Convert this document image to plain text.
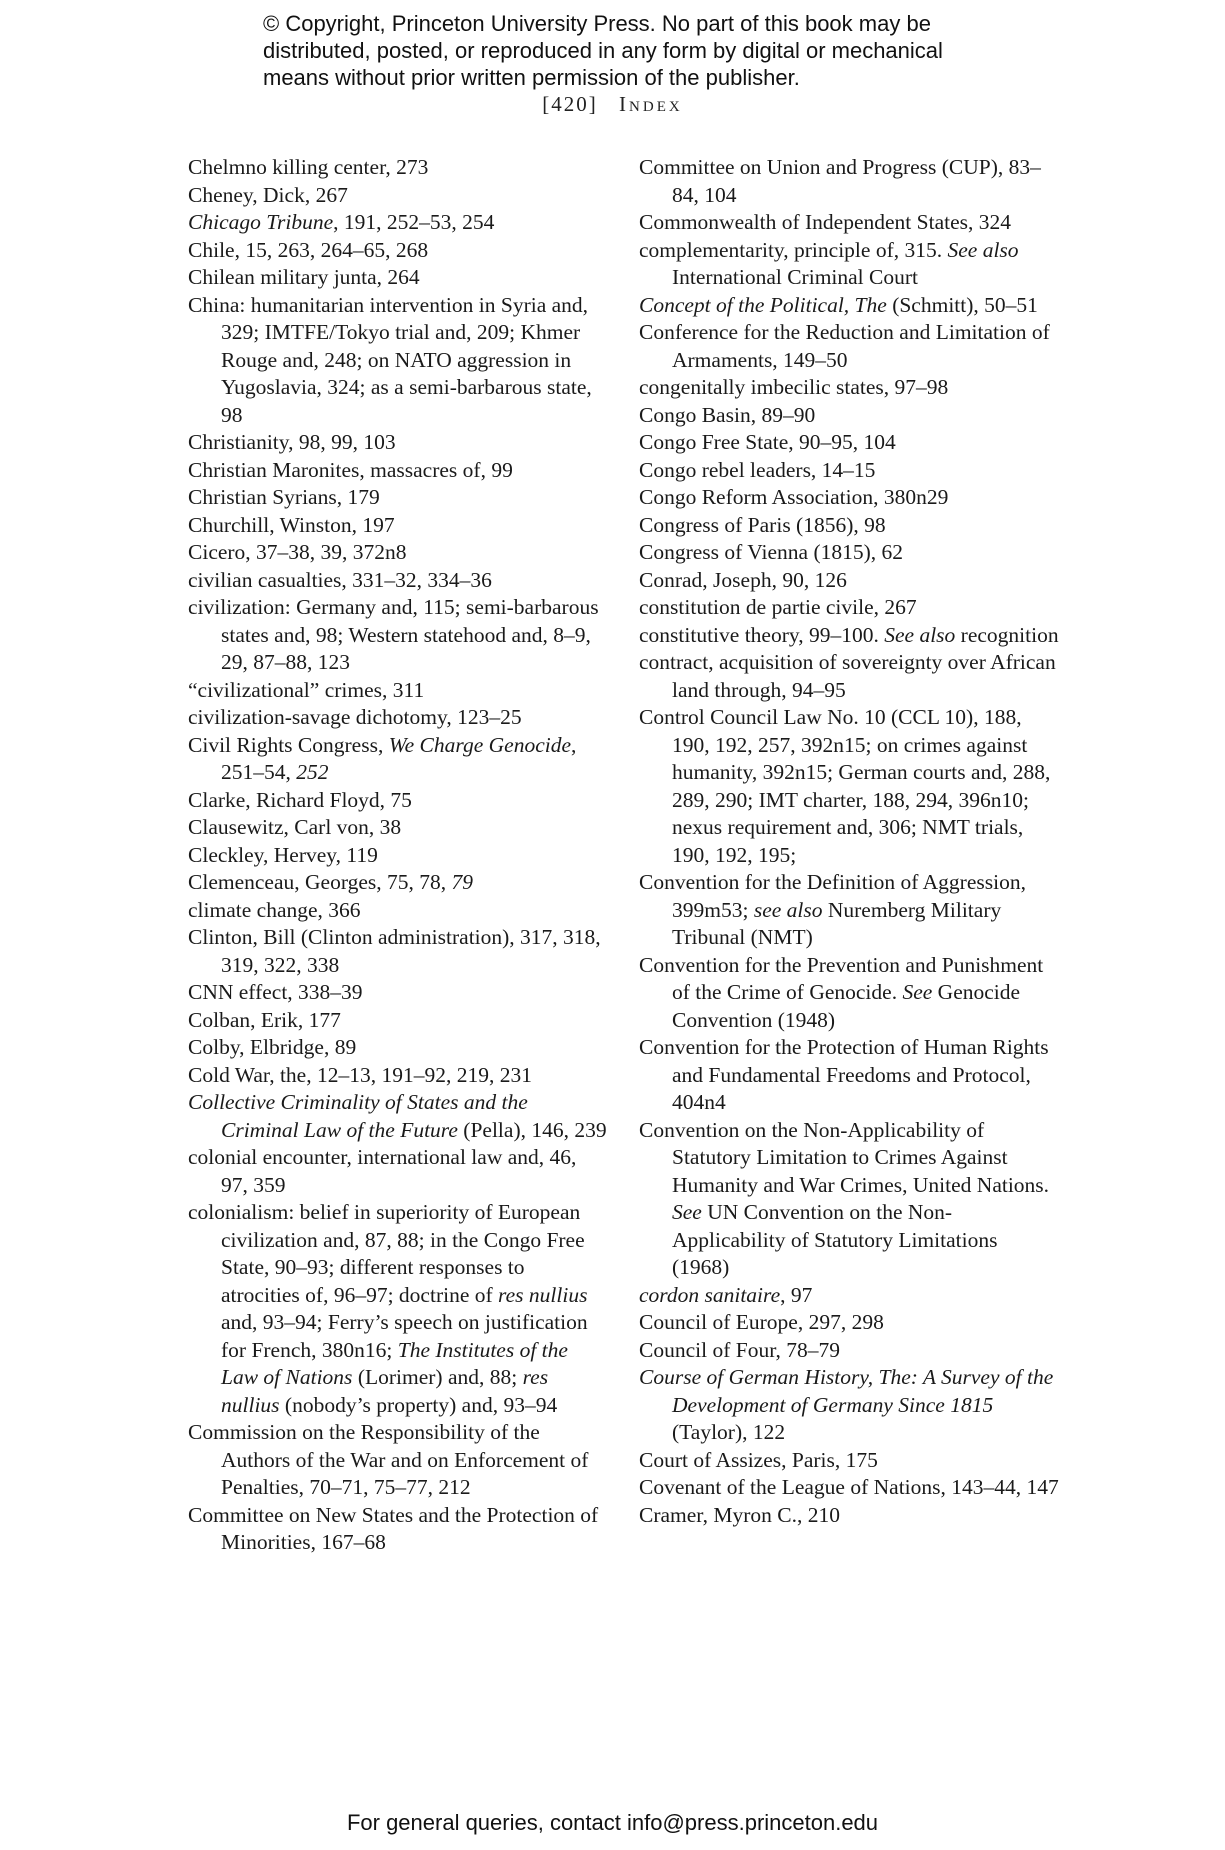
© Copyright, Princeton University Press. No part of this book may be
distributed, posted, or reproduced in any form by digital or mechanical
means without prior written permission of the publisher.
[420] Index

Chelmno killing center, 273

Cheney, Dick, 267

Chicago Tribune, 191, 252–53, 254

Chile, 15, 263, 264–65, 268

Chilean military junta, 264

China: humanitarian intervention in Syria and, 329; IMTFE/Tokyo trial and, 209; Khmer Rouge and, 248; on NATO aggression in Yugoslavia, 324; as a semi-barbarous state, 98

Christianity, 98, 99, 103

Christian Maronites, massacres of, 99

Christian Syrians, 179

Churchill, Winston, 197

Cicero, 37–38, 39, 372n8

civilian casualties, 331–32, 334–36

civilization: Germany and, 115; semi-barbarous states and, 98; Western statehood and, 8–9, 29, 87–88, 123

“civilizational” crimes, 311

civilization-savage dichotomy, 123–25

Civil Rights Congress, We Charge Genocide, 251–54, 252

Clarke, Richard Floyd, 75

Clausewitz, Carl von, 38

Cleckley, Hervey, 119

Clemenceau, Georges, 75, 78, 79

climate change, 366

Clinton, Bill (Clinton administration), 317, 318, 319, 322, 338

CNN effect, 338–39

Colban, Erik, 177

Colby, Elbridge, 89

Cold War, the, 12–13, 191–92, 219, 231

Collective Criminality of States and the Criminal Law of the Future (Pella), 146, 239

colonial encounter, international law and, 46, 97, 359

colonialism: belief in superiority of European civilization and, 87, 88; in the Congo Free State, 90–93; different responses to atrocities of, 96–97; doctrine of res nullius and, 93–94; Ferry’s speech on justification for French, 380n16; The Institutes of the Law of Nations (Lorimer) and, 88; res nullius (nobody’s property) and, 93–94

Commission on the Responsibility of the Authors of the War and on Enforcement of Penalties, 70–71, 75–77, 212

Committee on New States and the Protection of Minorities, 167–68

Committee on Union and Progress (CUP), 83–84, 104

Commonwealth of Independent States, 324

complementarity, principle of, 315. See also International Criminal Court

Concept of the Political, The (Schmitt), 50–51

Conference for the Reduction and Limitation of Armaments, 149–50

congenitally imbecilic states, 97–98

Congo Basin, 89–90

Congo Free State, 90–95, 104

Congo rebel leaders, 14–15

Congo Reform Association, 380n29

Congress of Paris (1856), 98

Congress of Vienna (1815), 62

Conrad, Joseph, 90, 126

constitution de partie civile, 267

constitutive theory, 99–100. See also recognition

contract, acquisition of sovereignty over African land through, 94–95

Control Council Law No. 10 (CCL 10), 188, 190, 192, 257, 392n15; on crimes against humanity, 392n15; German courts and, 288, 289, 290; IMT charter, 188, 294, 396n10; nexus requirement and, 306; NMT trials, 190, 192, 195;

Convention for the Definition of Aggression, 399m53; see also Nuremberg Military Tribunal (NMT)

Convention for the Prevention and Punishment of the Crime of Genocide. See Genocide Convention (1948)

Convention for the Protection of Human Rights and Fundamental Freedoms and Protocol, 404n4

Convention on the Non-Applicability of Statutory Limitation to Crimes Against Humanity and War Crimes, United Nations. See UN Convention on the Non-Applicability of Statutory Limitations (1968)

cordon sanitaire, 97

Council of Europe, 297, 298

Council of Four, 78–79

Course of German History, The: A Survey of the Development of Germany Since 1815 (Taylor), 122

Court of Assizes, Paris, 175

Covenant of the League of Nations, 143–44, 147

Cramer, Myron C., 210

For general queries, contact info@press.princeton.edu
